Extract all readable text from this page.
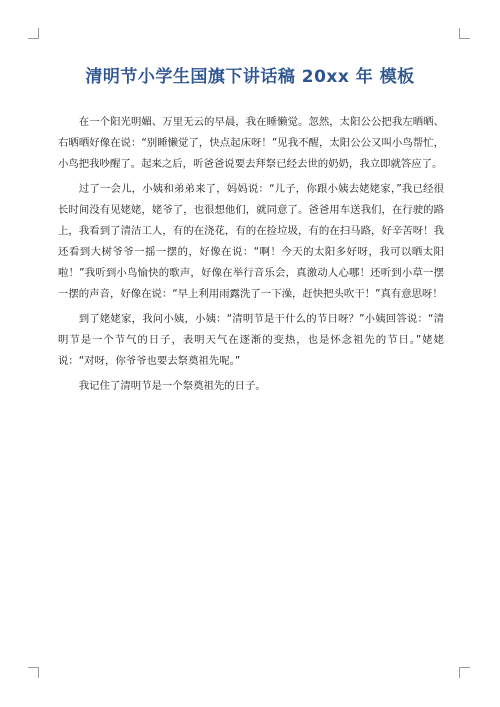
清明节小学生国旗下讲话稿 20xx 年 模板

在一个阳光明媚、万里无云的早晨，我在睡懒觉。忽然，太阳公公把我左晒晒、右晒晒好像在说：“别睡懒觉了，快点起床呀！”见我不醒，太阳公公又叫小鸟帮忙，小鸟把我吵醒了。起来之后，听爸爸说要去拜祭已经去世的奶奶，我立即就答应了。

过了一会儿，小姨和弟弟来了，妈妈说：“儿子，你跟小姨去姥姥家，”我已经很长时间没有见姥姥，姥爷了，也很想他们，就同意了。爸爸用车送我们，在行驶的路上，我看到了清洁工人，有的在浇花，有的在捡垃圾，有的在扫马路，好辛苦呀！我还看到大树爷爷一摇一摆的，好像在说：“啊！今天的太阳多好呀，我可以晒太阳啦！”我听到小鸟愉快的歌声，好像在举行音乐会，真激动人心哪！还听到小草一摆一摆的声音，好像在说：“早上利用雨露洗了一下澡，赶快把头吹干！”真有意思呀！

到了姥姥家，我问小姨，小姨：“清明节是干什么的节日呀？”小姨回答说：“清明节是一个节气的日子，表明天气在逐渐的变热，也是怀念祖先的节日。”姥姥说：“对呀，你爷爷也要去祭奠祖先呢。”

我记住了清明节是一个祭奠祖先的日子。
